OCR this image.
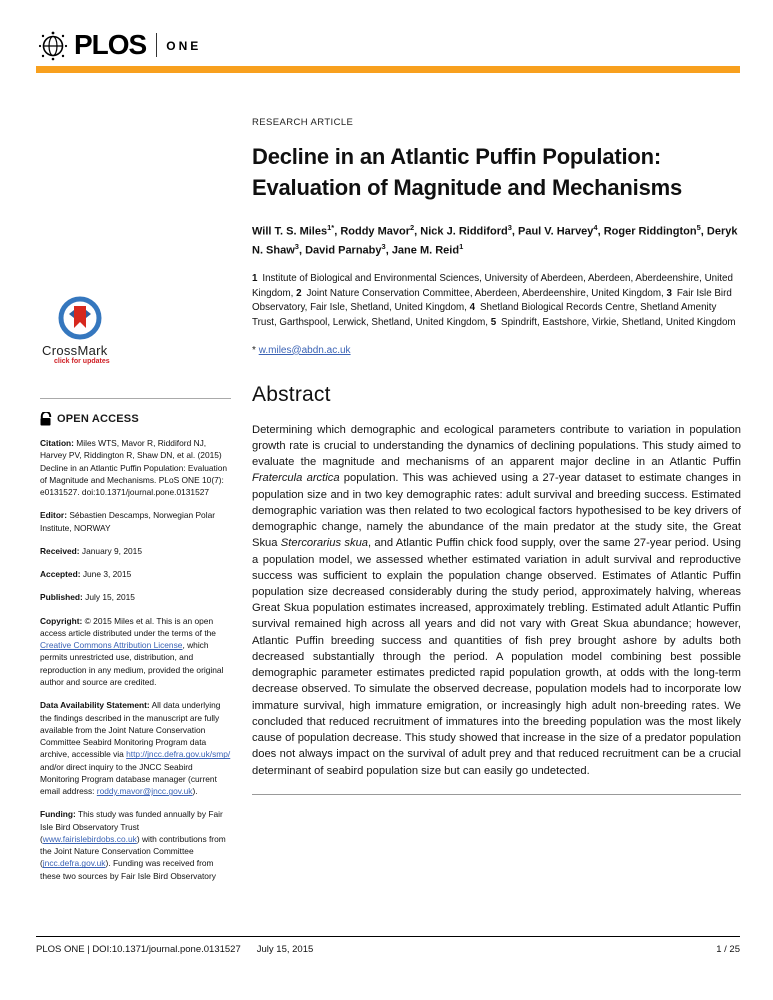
PLOS ONE
CrossMark
click for updates
OPEN ACCESS

Citation: Miles WTS, Mavor R, Riddiford NJ, Harvey PV, Riddington R, Shaw DN, et al. (2015) Decline in an Atlantic Puffin Population: Evaluation of Magnitude and Mechanisms. PLoS ONE 10(7): e0131527. doi:10.1371/journal.pone.0131527

Editor: Sébastien Descamps, Norwegian Polar Institute, NORWAY

Received: January 9, 2015

Accepted: June 3, 2015

Published: July 15, 2015

Copyright: © 2015 Miles et al. This is an open access article distributed under the terms of the Creative Commons Attribution License, which permits unrestricted use, distribution, and reproduction in any medium, provided the original author and source are credited.

Data Availability Statement: All data underlying the findings described in the manuscript are fully available from the Joint Nature Conservation Committee Seabird Monitoring Program data archive, accessible via http://jncc.defra.gov.uk/smp/ and/or direct inquiry to the JNCC Seabird Monitoring Program database manager (current email address: roddy.mavor@jncc.gov.uk).

Funding: This study was funded annually by Fair Isle Bird Observatory Trust (www.fairislebirdobs.co.uk) with contributions from the Joint Nature Conservation Committee (jncc.defra.gov.uk). Funding was received from these two sources by Fair Isle Bird Observatory

RESEARCH ARTICLE
Decline in an Atlantic Puffin Population:
Evaluation of Magnitude and Mechanisms

Will T. S. Miles$^{1*}$, Roddy Mavor$^2$, Nick J. Riddiford$^3$, Paul V. Harvey$^4$, Roger Riddington$^5$, Deryk N. Shaw$^3$, David Parnaby$^3$, Jane M. Reid$^1$

1 Institute of Biological and Environmental Sciences, University of Aberdeen, Aberdeen, Aberdeenshire, United Kingdom, 2 Joint Nature Conservation Committee, Aberdeen, Aberdeenshire, United Kingdom, 3 Fair Isle Bird Observatory, Fair Isle, Shetland, United Kingdom, 4 Shetland Biological Records Centre, Shetland Amenity Trust, Garthspool, Lerwick, Shetland, United Kingdom, 5 Spindrift, Eastshore, Virkie, Shetland, United Kingdom

* w.miles@abdn.ac.uk

Abstract

Determining which demographic and ecological parameters contribute to variation in population growth rate is crucial to understanding the dynamics of declining populations. This study aimed to evaluate the magnitude and mechanisms of an apparent major decline in an Atlantic Puffin Fratercula arctica population. This was achieved using a 27-year dataset to estimate changes in population size and in two key demographic rates: adult survival and breeding success. Estimated demographic variation was then related to two ecological factors hypothesised to be key drivers of demographic change, namely the abundance of the main predator at the study site, the Great Skua Stercorarius skua, and Atlantic Puffin chick food supply, over the same 27-year period. Using a population model, we assessed whether estimated variation in adult survival and reproductive success was sufficient to explain the population change observed. Estimates of Atlantic Puffin population size decreased considerably during the study period, approximately halving, whereas Great Skua population estimates increased, approximately trebling. Estimated adult Atlantic Puffin survival remained high across all years and did not vary with Great Skua abundance; however, Atlantic Puffin breeding success and quantities of fish prey brought ashore by adults both decreased substantially through the period. A population model combining best possible demographic parameter estimates predicted rapid population growth, at odds with the long-term decrease observed. To simulate the observed decrease, population models had to incorporate low immature survival, high immature emigration, or increasingly high adult non-breeding rates. We concluded that reduced recruitment of immatures into the breeding population was the most likely cause of population decrease. This study showed that increase in the size of a predator population does not always impact on the survival of adult prey and that reduced recruitment can be a crucial determinant of seabird population size but can easily go undetected.

PLOS ONE | DOI:10.1371/journal.pone.0131527 July 15, 2015	1 / 25
